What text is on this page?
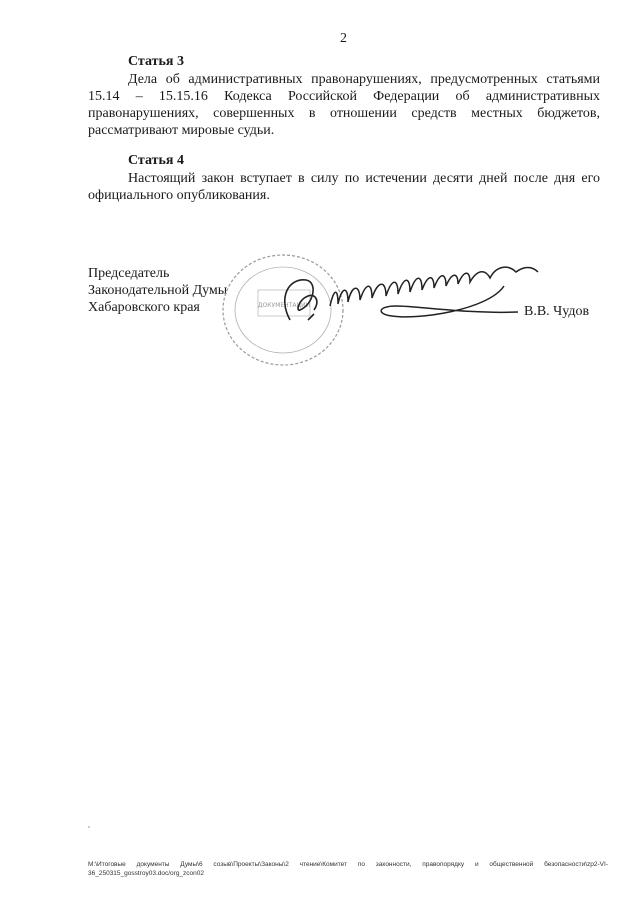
2
Статья 3
Дела об административных правонарушениях, предусмотренных статьями 15.14 – 15.15.16 Кодекса Российской Федерации об административных правонарушениях, совершенных в отношении средств местных бюджетов, рассматривают мировые судьи.
Статья 4
Настоящий закон вступает в силу по истечении десяти дней после дня его официального опубликования.
Председатель
Законодательной Думы
Хабаровского края	ДОКУМЕНТАЦИИ	В.В. Чудов
M:\Итоговые документы Думы\6 созыв\Проекты\Законы\2 чтение\Комитет по законности, правопорядку и общественной безопасности\zp2-VI-36_250315_gosstroy03.doc/org_zcon02
